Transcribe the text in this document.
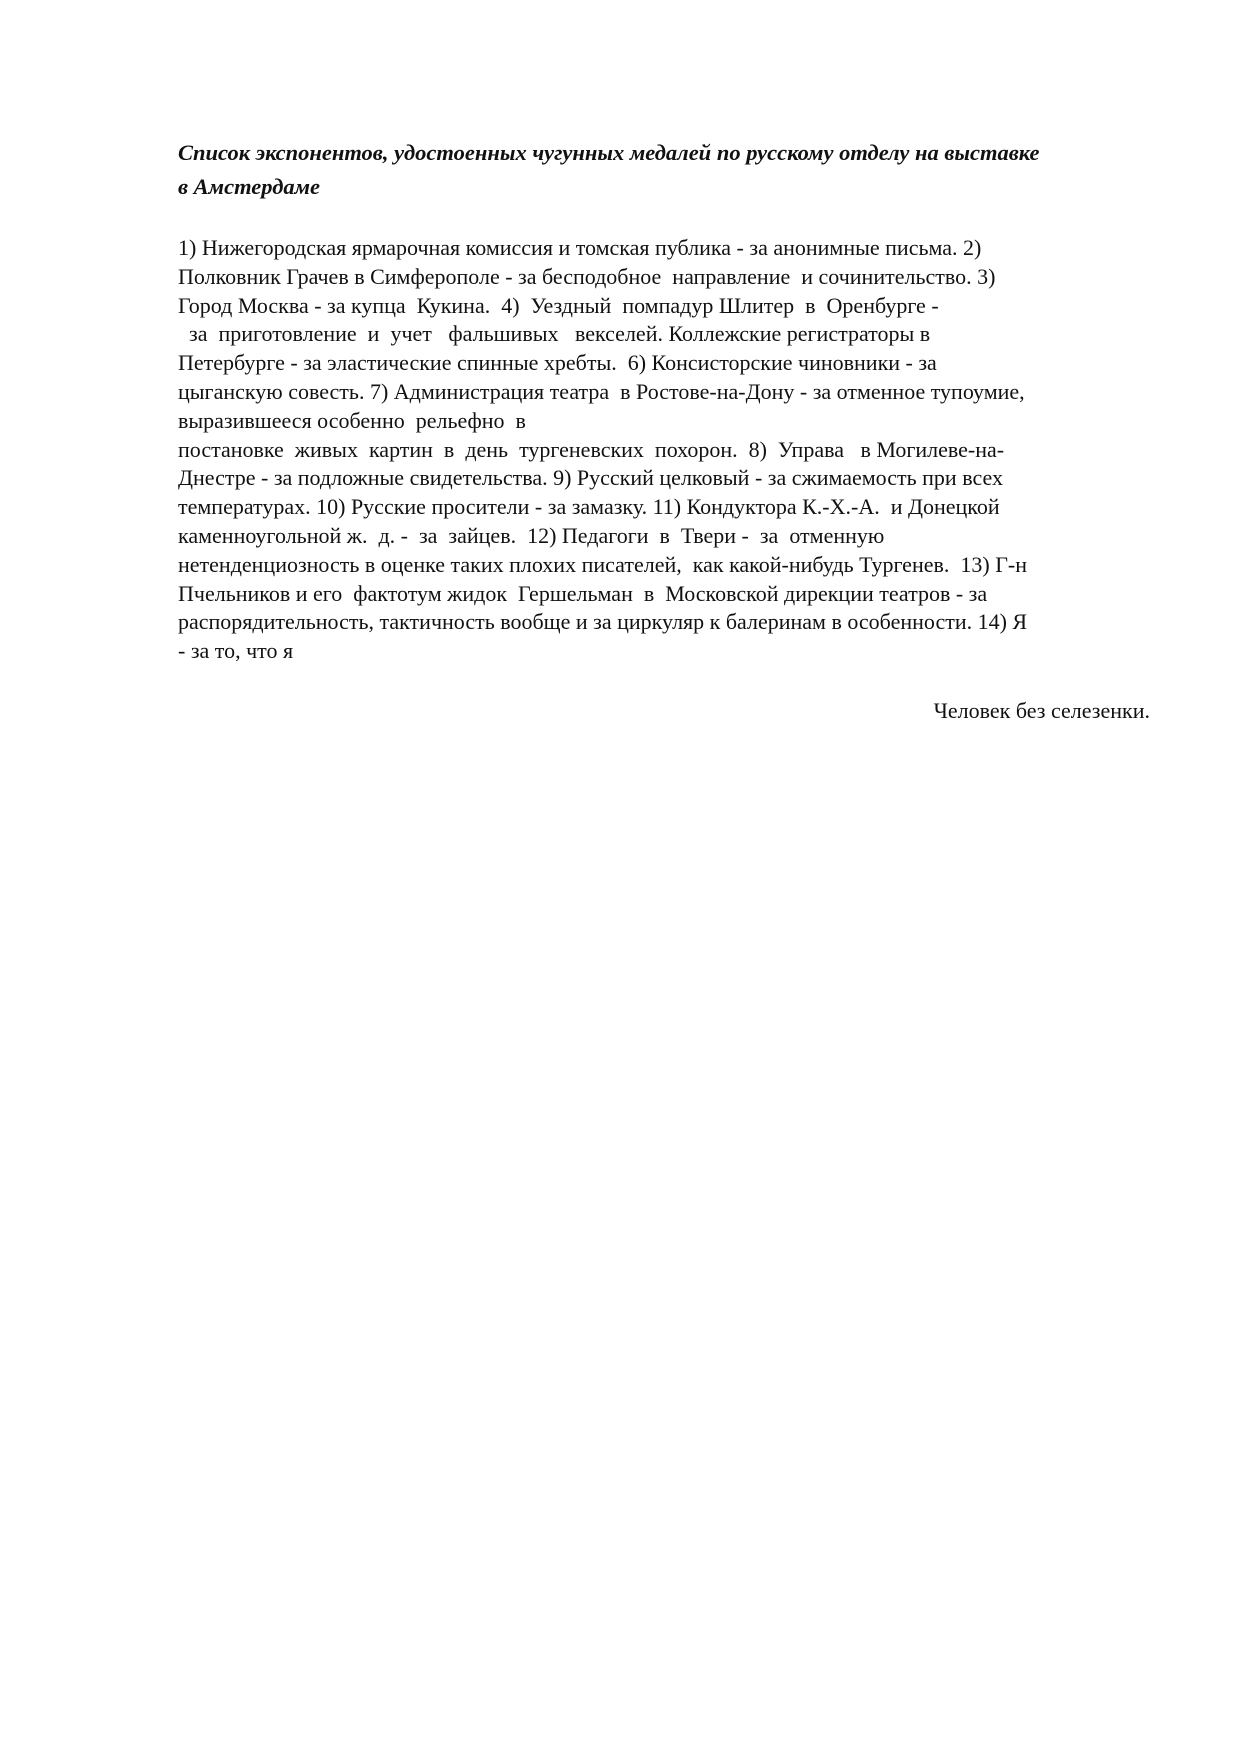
Список экспонентов, удостоенных чугунных медалей по русскому отделу на выставке
в Амстердаме
1) Нижегородская ярмарочная комиссия и томская публика - за анонимные письма. 2)
Полковник Грачев в Симферополе - за бесподобное  направление  и сочинительство. 3)
Город Москва - за купца  Кукина.  4)  Уездный  помпадур Шлитер  в  Оренбурге -
за  приготовление  и  учет   фальшивых   векселей. Коллежские регистраторы в
Петербурге - за эластические спинные хребты.  6) Консисторские чиновники - за
цыганскую совесть. 7) Администрация театра  в Ростове-на-Дону - за отменное тупоумие,
выразившееся особенно  рельефно  в
постановке  живых  картин  в  день  тургеневских  похорон.  8)  Управа   в Могилеве-на-
Днестре - за подложные свидетельства. 9) Русский целковый - за сжимаемость при всех
температурах. 10) Русские просители - за замазку. 11) Кондуктора К.-Х.-А.  и Донецкой
каменноугольной ж.  д. -  за  зайцев.  12) Педагоги  в  Твери -  за  отменную
нетенденциозность в оценке таких плохих писателей,  как какой-нибудь Тургенев.  13) Г-н
Пчельников и его  фактотум жидок  Гершельман  в  Московской дирекции театров - за
распорядительность, тактичность вообще и за циркуляр к балеринам в особенности. 14) Я
- за то, что я

Человек без селезенки.
